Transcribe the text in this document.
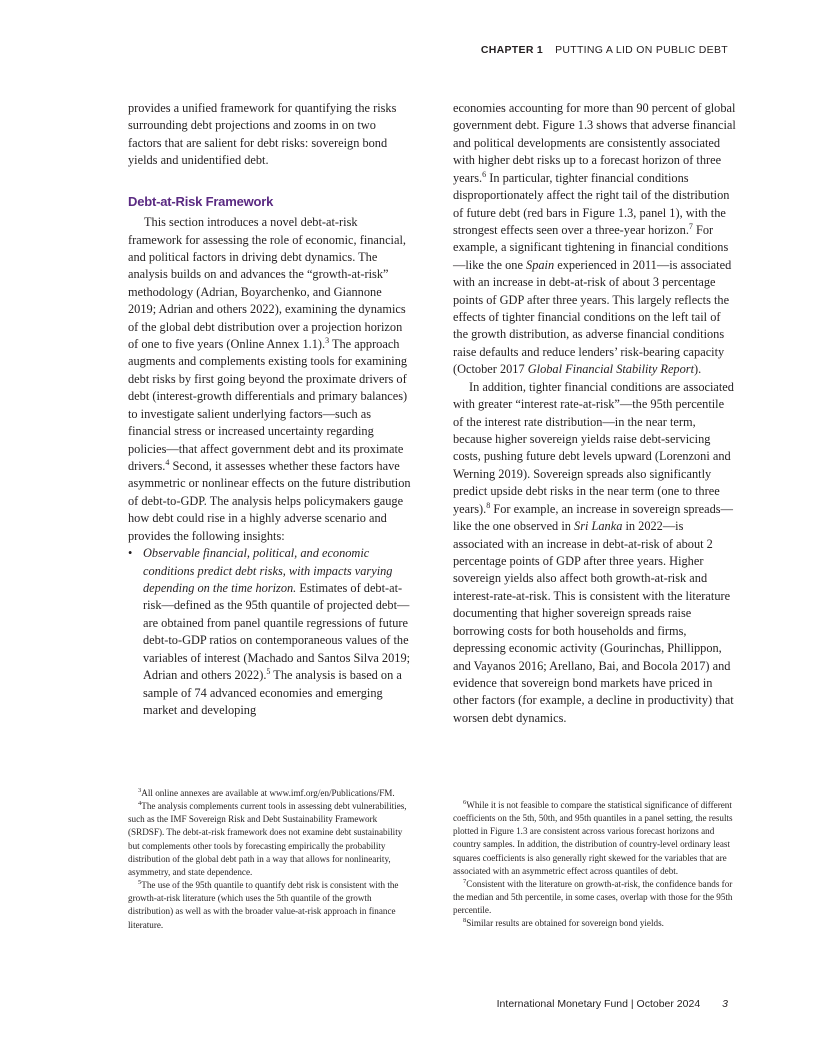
CHAPTER 1 PUTTING A LID ON PUBLIC DEBT

provides a unified framework for quantifying the risks surrounding debt projections and zooms in on two factors that are salient for debt risks: sovereign bond yields and unidentified debt.

Debt-at-Risk Framework

This section introduces a novel debt-at-risk framework for assessing the role of economic, financial, and political factors in driving debt dynamics. The analysis builds on and advances the “growth-at-risk” methodology (Adrian, Boyarchenko, and Giannone 2019; Adrian and others 2022), examining the dynamics of the global debt distribution over a projection horizon of one to five years (Online Annex 1.1).$^3$ The approach augments and complements existing tools for examining debt risks by first going beyond the proximate drivers of debt (interest-growth differentials and primary balances) to investigate salient underlying factors—such as financial stress or increased uncertainty regarding policies—that affect government debt and its proximate drivers.$^4$ Second, it assesses whether these factors have asymmetric or nonlinear effects on the future distribution of debt-to-GDP. The analysis helps policymakers gauge how debt could rise in a highly adverse scenario and provides the following insights:

• Observable financial, political, and economic conditions predict debt risks, with impacts varying depending on the time horizon. Estimates of debt-at-risk—defined as the 95th quantile of projected debt—are obtained from panel quantile regressions of future debt-to-GDP ratios on contemporaneous values of the variables of interest (Machado and Santos Silva 2019; Adrian and others 2022).$^5$ The analysis is based on a sample of 74 advanced economies and emerging market and developing

economies accounting for more than 90 percent of global government debt. Figure 1.3 shows that adverse financial and political developments are consistently associated with higher debt risks up to a forecast horizon of three years.$^6$ In particular, tighter financial conditions disproportionately affect the right tail of the distribution of future debt (red bars in Figure 1.3, panel 1), with the strongest effects seen over a three-year horizon.$^7$ For example, a significant tightening in financial conditions—like the one Spain experienced in 2011—is associated with an increase in debt-at-risk of about 3 percentage points of GDP after three years. This largely reflects the effects of tighter financial conditions on the left tail of the growth distribution, as adverse financial conditions raise defaults and reduce lenders’ risk-bearing capacity (October 2017 Global Financial Stability Report).

In addition, tighter financial conditions are associated with greater “interest rate-at-risk”—the 95th percentile of the interest rate distribution—in the near term, because higher sovereign yields raise debt-servicing costs, pushing future debt levels upward (Lorenzoni and Werning 2019). Sovereign spreads also significantly predict upside debt risks in the near term (one to three years).$^8$ For example, an increase in sovereign spreads—like the one observed in Sri Lanka in 2022—is associated with an increase in debt-at-risk of about 2 percentage points of GDP after three years. Higher sovereign yields also affect both growth-at-risk and interest-rate-at-risk. This is consistent with the literature documenting that higher sovereign spreads raise borrowing costs for both households and firms, depressing economic activity (Gourinchas, Phillippon, and Vayanos 2016; Arellano, Bai, and Bocola 2017) and evidence that sovereign bond markets have priced in other factors (for example, a decline in productivity) that worsen debt dynamics.

$^3$All online annexes are available at www.imf.org/en/Publications/FM.

$^4$The analysis complements current tools in assessing debt vulnerabilities, such as the IMF Sovereign Risk and Debt Sustainability Framework (SRDSF). The debt-at-risk framework does not examine debt sustainability but complements other tools by forecasting empirically the probability distribution of the global debt path in a way that allows for nonlinearity, asymmetry, and state dependence.

$^5$The use of the 95th quantile to quantify debt risk is consistent with the growth-at-risk literature (which uses the 5th quantile of the growth distribution) as well as with the broader value-at-risk approach in finance literature.

$^6$While it is not feasible to compare the statistical significance of different coefficients on the 5th, 50th, and 95th quantiles in a panel setting, the results plotted in Figure 1.3 are consistent across various forecast horizons and country samples. In addition, the distribution of country-level ordinary least squares coefficients is also generally right skewed for the variables that are associated with an asymmetric effect across quantiles of debt.

$^7$Consistent with the literature on growth-at-risk, the confidence bands for the median and 5th percentile, in some cases, overlap with those for the 95th percentile.

$^8$Similar results are obtained for sovereign bond yields.

International Monetary Fund | October 2024 3
